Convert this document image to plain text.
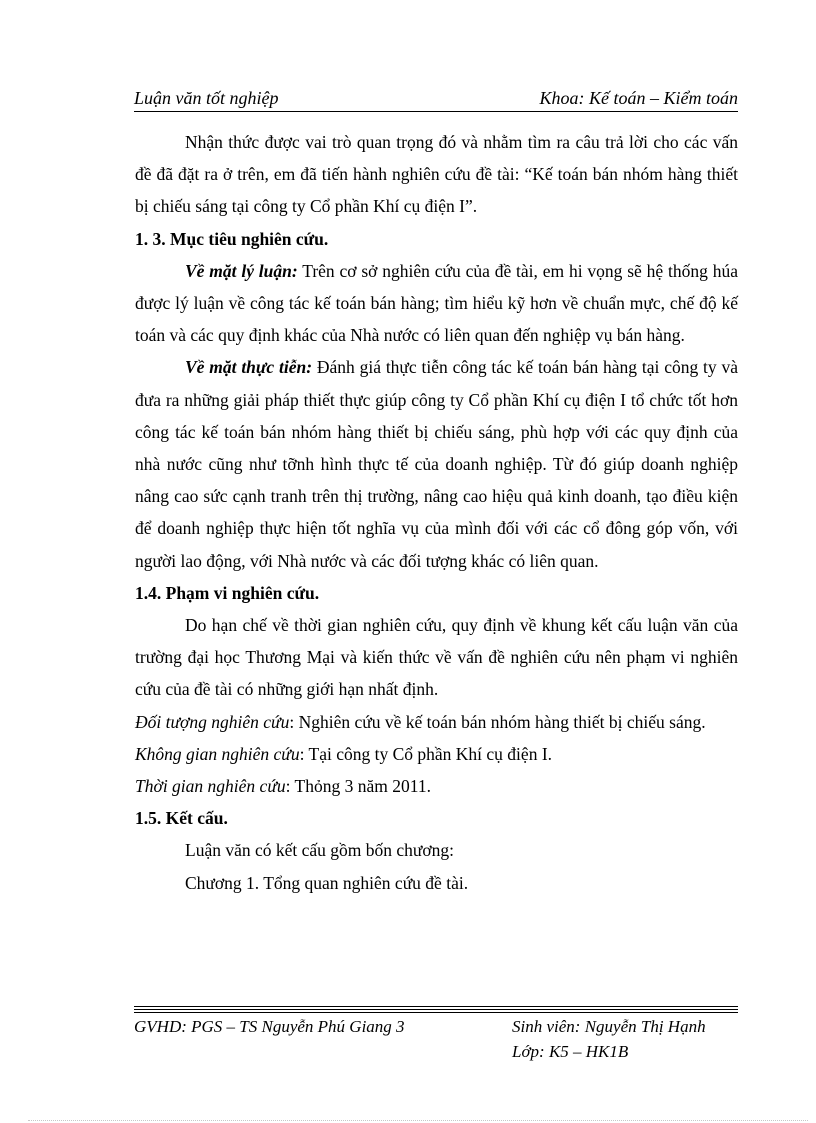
Luận văn tốt nghiệp	Khoa: Kế toán – Kiểm toán

Nhận thức được vai trò quan trọng đó và nhằm tìm ra câu trả lời cho các vấn đề đã đặt ra ở trên, em đã tiến hành nghiên cứu đề tài: “Kế toán bán nhóm hàng thiết bị chiếu sáng tại công ty Cổ phần Khí cụ điện I”.

1. 3. Mục tiêu nghiên cứu.

Về mặt lý luận: Trên cơ sở nghiên cứu của đề tài, em hi vọng sẽ hệ thống húa được lý luận về công tác kế toán bán hàng; tìm hiểu kỹ hơn về chuẩn mực, chế độ kế toán và các quy định khác của Nhà nước có liên quan đến nghiệp vụ bán hàng.

Về mặt thực tiễn: Đánh giá thực tiễn công tác kế toán bán hàng tại công ty và đưa ra những giải pháp thiết thực giúp công ty Cổ phần Khí cụ điện I tổ chức tốt hơn công tác kế toán bán nhóm hàng thiết bị chiếu sáng, phù hợp với các quy định của nhà nước cũng như tỡnh hình thực tế của doanh nghiệp. Từ đó giúp doanh nghiệp nâng cao sức cạnh tranh trên thị trường, nâng cao hiệu quả kinh doanh, tạo điều kiện để doanh nghiệp thực hiện tốt nghĩa vụ của mình đối với các cổ đông góp vốn, với người lao động, với Nhà nước và các đối tượng khác có liên quan.

1.4. Phạm vi nghiên cứu.

Do hạn chế về thời gian nghiên cứu, quy định về khung kết cấu luận văn của trường đại học Thương Mại và kiến thức về vấn đề nghiên cứu nên phạm vi nghiên cứu của đề tài có những giới hạn nhất định.

Đối tượng nghiên cứu: Nghiên cứu về kế toán bán nhóm hàng thiết bị chiếu sáng.

Không gian nghiên cứu: Tại công ty Cổ phần Khí cụ điện I.

Thời gian nghiên cứu: Thỏng 3 năm 2011.

1.5. Kết cấu.

Luận văn có kết cấu gồm bốn chương:

Chương 1. Tổng quan nghiên cứu đề tài.

GVHD: PGS – TS Nguyễn Phú Giang 3	Sinh viên: Nguyễn Thị Hạnh
Lớp: K5 – HK1B
